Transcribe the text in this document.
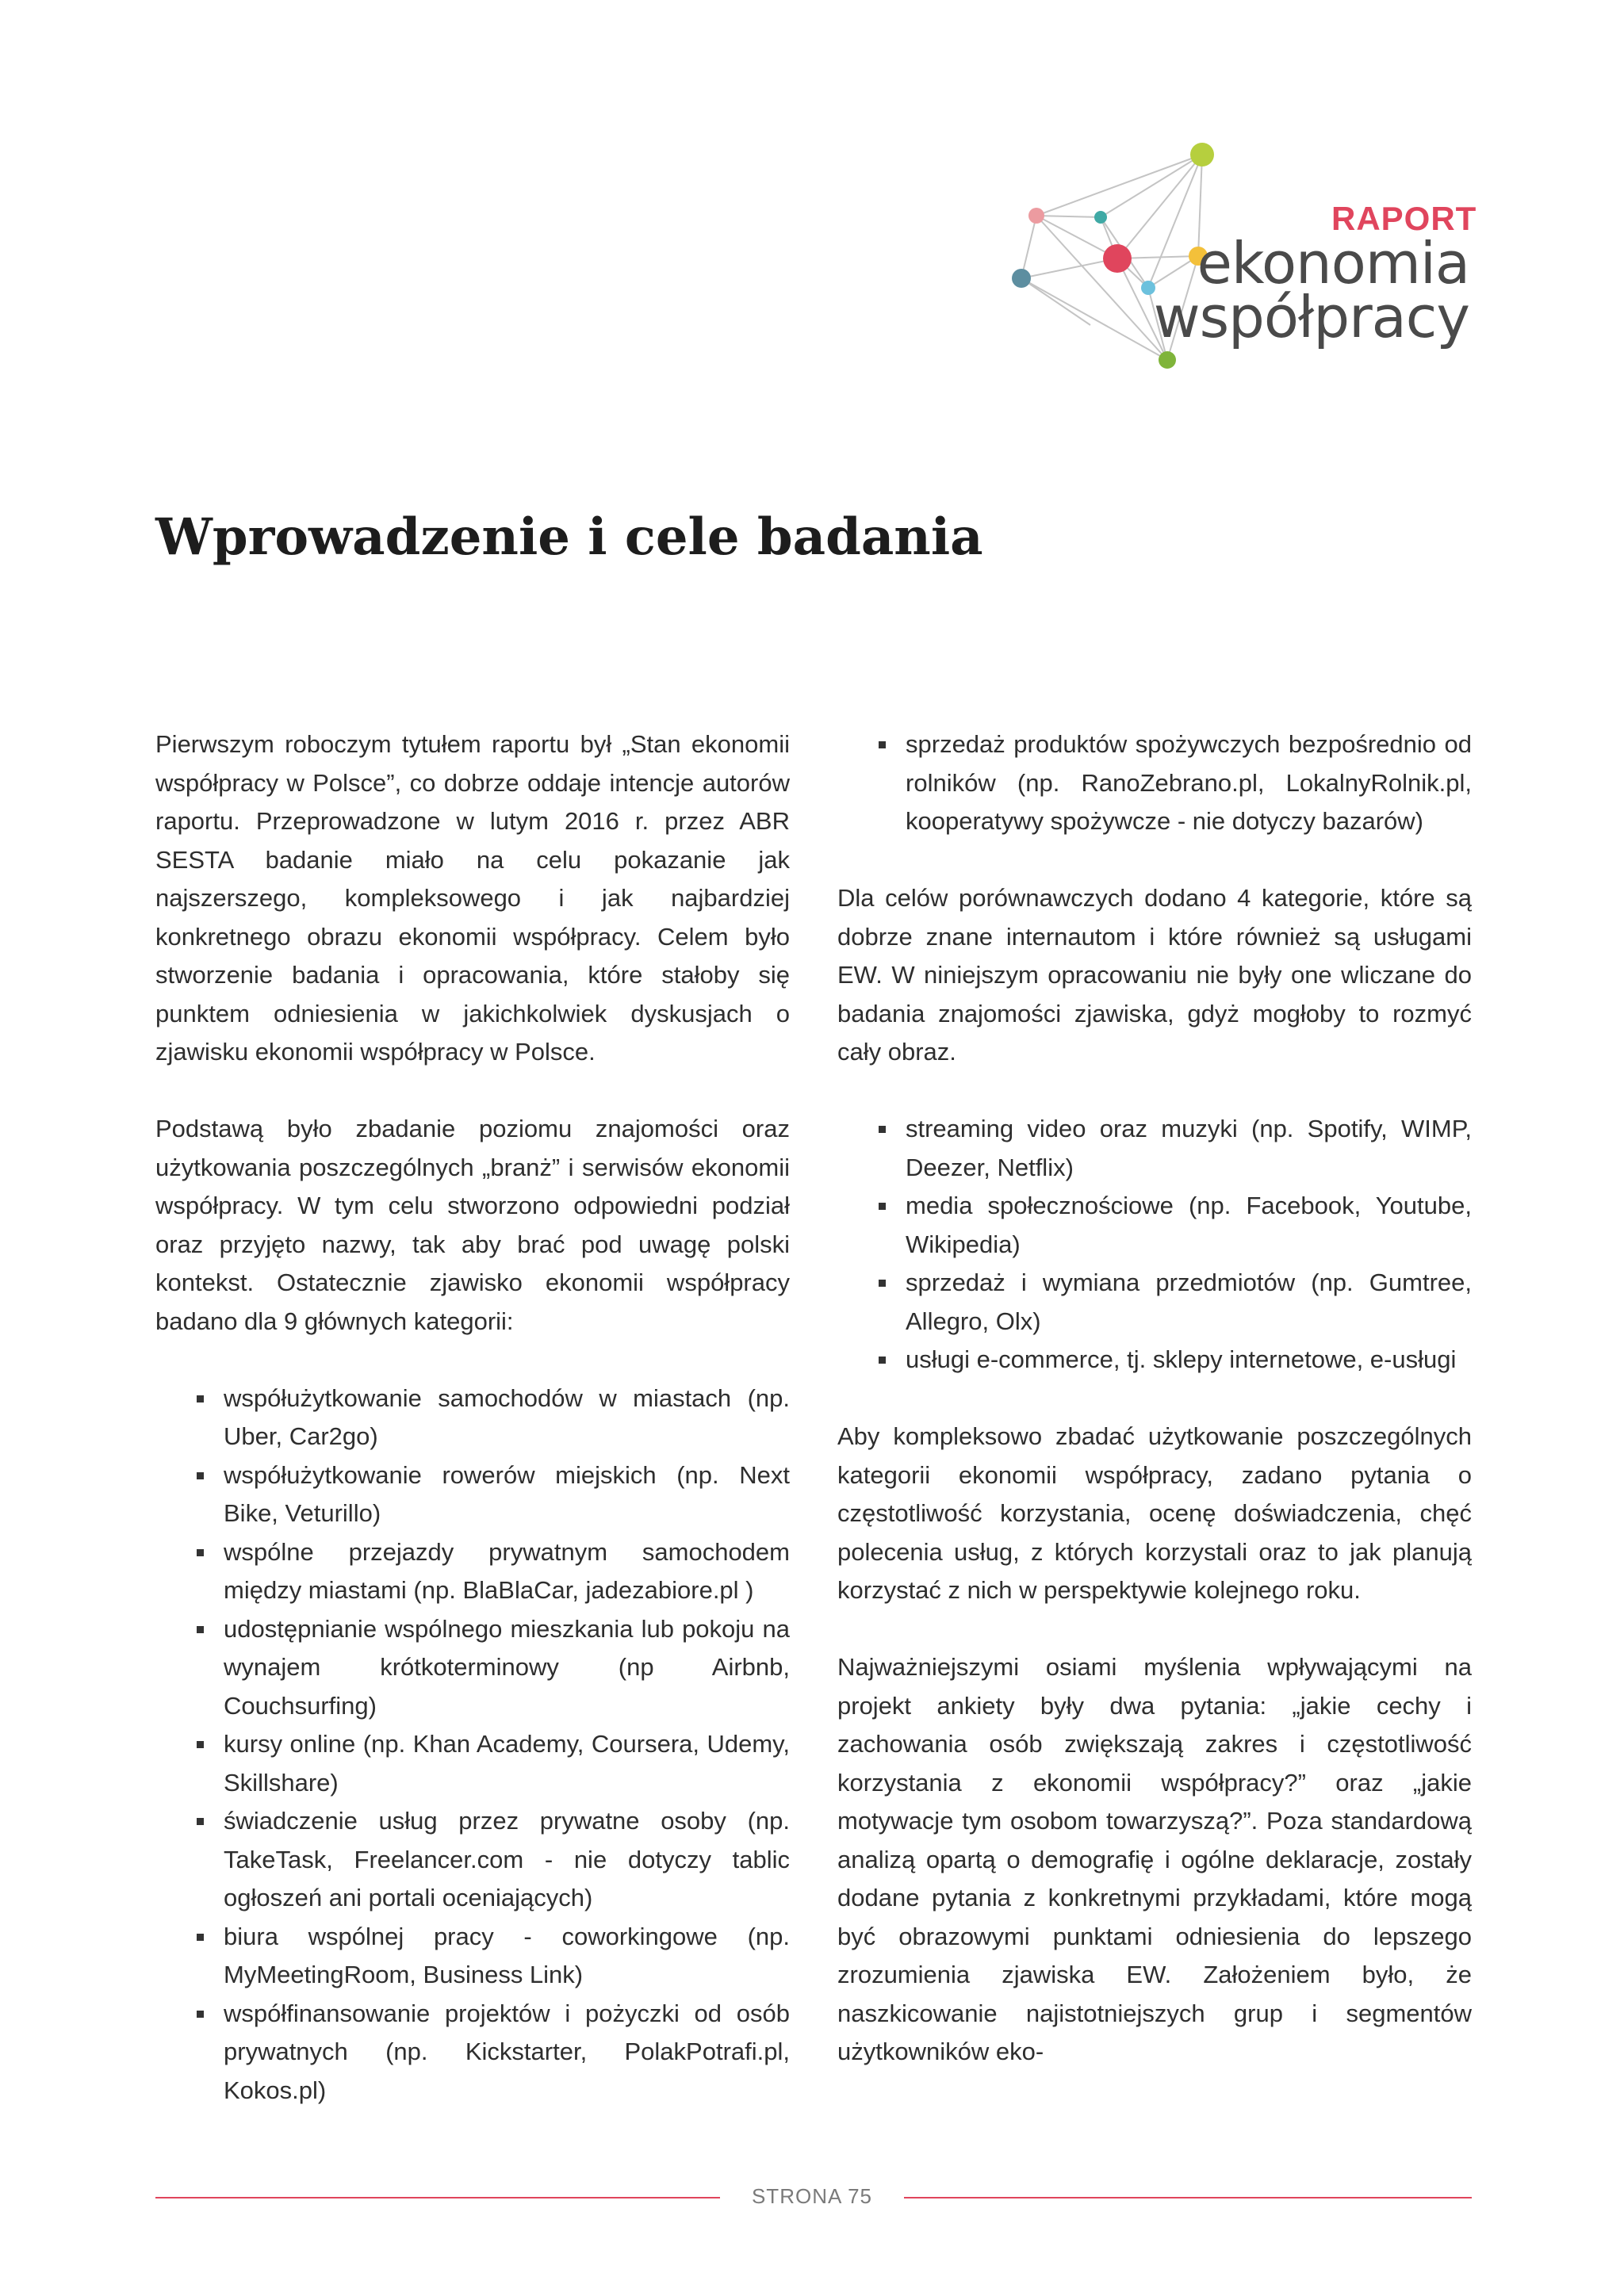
RAPORT
ekonomia
współpracy
Wprowadzenie i cele badania

Pierwszym roboczym tytułem raportu był „Stan ekonomii współpracy w Polsce”, co dobrze oddaje intencje autorów raportu. Przeprowadzone w lutym 2016 r. przez ABR SESTA badanie miało na celu pokazanie jak najszerszego, kompleksowego i jak najbardziej konkretnego obrazu ekonomii współpracy. Celem było stworzenie badania i opracowania, które stałoby się punktem odniesienia w jakichkolwiek dyskusjach o zjawisku ekonomii współpracy w Polsce.

Podstawą było zbadanie poziomu znajomości oraz użytkowania poszczególnych „branż” i serwisów ekonomii współpracy. W tym celu stworzono odpowiedni podział oraz przyjęto nazwy, tak aby brać pod uwagę polski kontekst. Ostatecznie zjawisko ekonomii współpracy badano dla 9 głównych kategorii:

współużytkowanie samochodów w miastach (np. Uber, Car2go)
współużytkowanie rowerów miejskich (np. Next Bike, Veturillo)
wspólne przejazdy prywatnym samochodem między miastami (np. BlaBlaCar, jadezabiore.pl )
udostępnianie wspólnego mieszkania lub pokoju na wynajem krótkoterminowy (np Airbnb, Couchsurfing)
kursy online (np. Khan Academy, Coursera, Udemy, Skillshare)
świadczenie usług przez prywatne osoby (np. TakeTask, Freelancer.com - nie dotyczy tablic ogłoszeń ani portali oceniających)
biura wspólnej pracy - coworkingowe (np. MyMeetingRoom, Business Link)
współfinansowanie projektów i pożyczki od osób prywatnych (np. Kickstarter, PolakPotrafi.pl, Kokos.pl)
sprzedaż produktów spożywczych bezpośrednio od rolników (np. RanoZebrano.pl, LokalnyRolnik.pl, kooperatywy spożywcze - nie dotyczy bazarów)

Dla celów porównawczych dodano 4 kategorie, które są dobrze znane internautom i które również są usługami EW. W niniejszym opracowaniu nie były one wliczane do badania znajomości zjawiska, gdyż mogłoby to rozmyć cały obraz.

streaming video oraz muzyki (np. Spotify, WIMP, Deezer, Netflix)
media społecznościowe (np. Facebook, Youtube, Wikipedia)
sprzedaż i wymiana przedmiotów (np. Gumtree, Allegro, Olx)
usługi e-commerce, tj. sklepy internetowe, e-usługi

Aby kompleksowo zbadać użytkowanie poszczególnych kategorii ekonomii współpracy, zadano pytania o częstotliwość korzystania, ocenę doświadczenia, chęć polecenia usług, z których korzystali oraz to jak planują korzystać z nich w perspektywie kolejnego roku.

Najważniejszymi osiami myślenia wpływającymi na projekt ankiety były dwa pytania: „jakie cechy i zachowania osób zwiększają zakres i częstotliwość korzystania z ekonomii współpracy?” oraz „jakie motywacje tym osobom towarzyszą?”. Poza standardową analizą opartą o demografię i ogólne deklaracje, zostały dodane pytania z konkretnymi przykładami, które mogą być obrazowymi punktami odniesienia do lepszego zrozumienia zjawiska EW. Założeniem było, że naszkicowanie najistotniejszych grup i segmentów użytkowników eko-

STRONA 75
